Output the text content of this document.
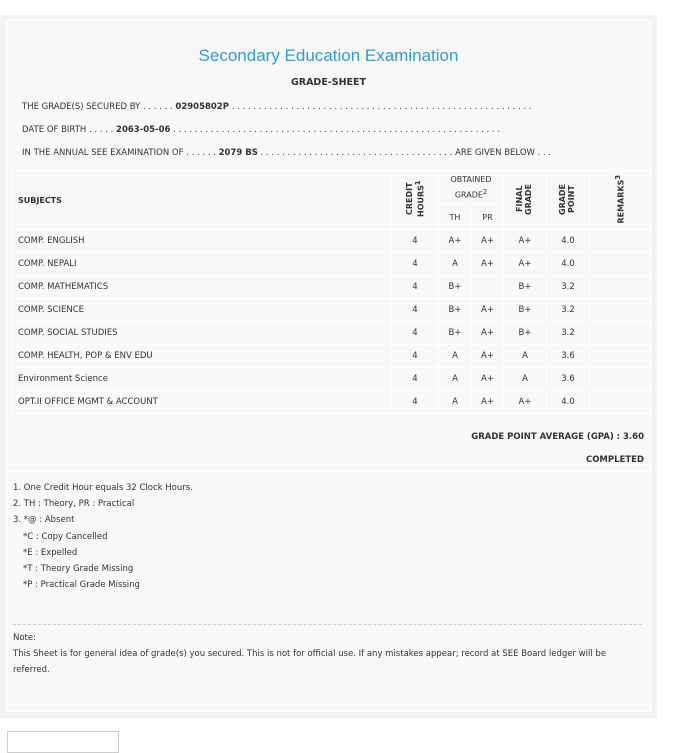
Secondary Education Examination
GRADE-SHEET
THE GRADE(S) SECURED BY . . . . . . 02905802P . . . . . . . . . . . . . . . . . . . . . . . . . . . . . . . . . . . . . . . . . . . . . . . . . . . . . . . .
DATE OF BIRTH . . . . . 2063-05-06 . . . . . . . . . . . . . . . . . . . . . . . . . . . . . . . . . . . . . . . . . . . . . . . . . . . . . . . . . . . . .
IN THE ANNUAL SEE EXAMINATION OF . . . . . . 2079 BS . . . . . . . . . . . . . . . . . . . . . . . . . . . . . . . . . . . . ARE GIVEN BELOW . . .
SUBJECTS	CREDIT HOURS$^1$	OBTAINED GRADE$^2$		FINAL GRADE	GRADE POINT	REMARKS$^3$
		TH	PR			
COMP. ENGLISH	4	A+	A+	A+	4.0	
COMP. NEPALI	4	A	A+	A+	4.0	
COMP. MATHEMATICS	4	B+		B+	3.2	
COMP. SCIENCE	4	B+	A+	B+	3.2	
COMP. SOCIAL STUDIES	4	B+	A+	B+	3.2	
COMP. HEALTH, POP & ENV EDU	4	A	A+	A	3.6	
Environment Science	4	A	A+	A	3.6	
OPT.II OFFICE MGMT & ACCOUNT	4	A	A+	A+	4.0	
GRADE POINT AVERAGE (GPA) : 3.60
COMPLETED
1. One Credit Hour equals 32 Clock Hours.
2. TH : Theory, PR : Practical
3. *@ : Absent
*C : Copy Cancelled
*E : Expelled
*T : Theory Grade Missing
*P : Practical Grade Missing
Note:
This Sheet is for general idea of grade(s) you secured. This is not for official use. If any mistakes appear; record at SEE Board ledger will be referred.
